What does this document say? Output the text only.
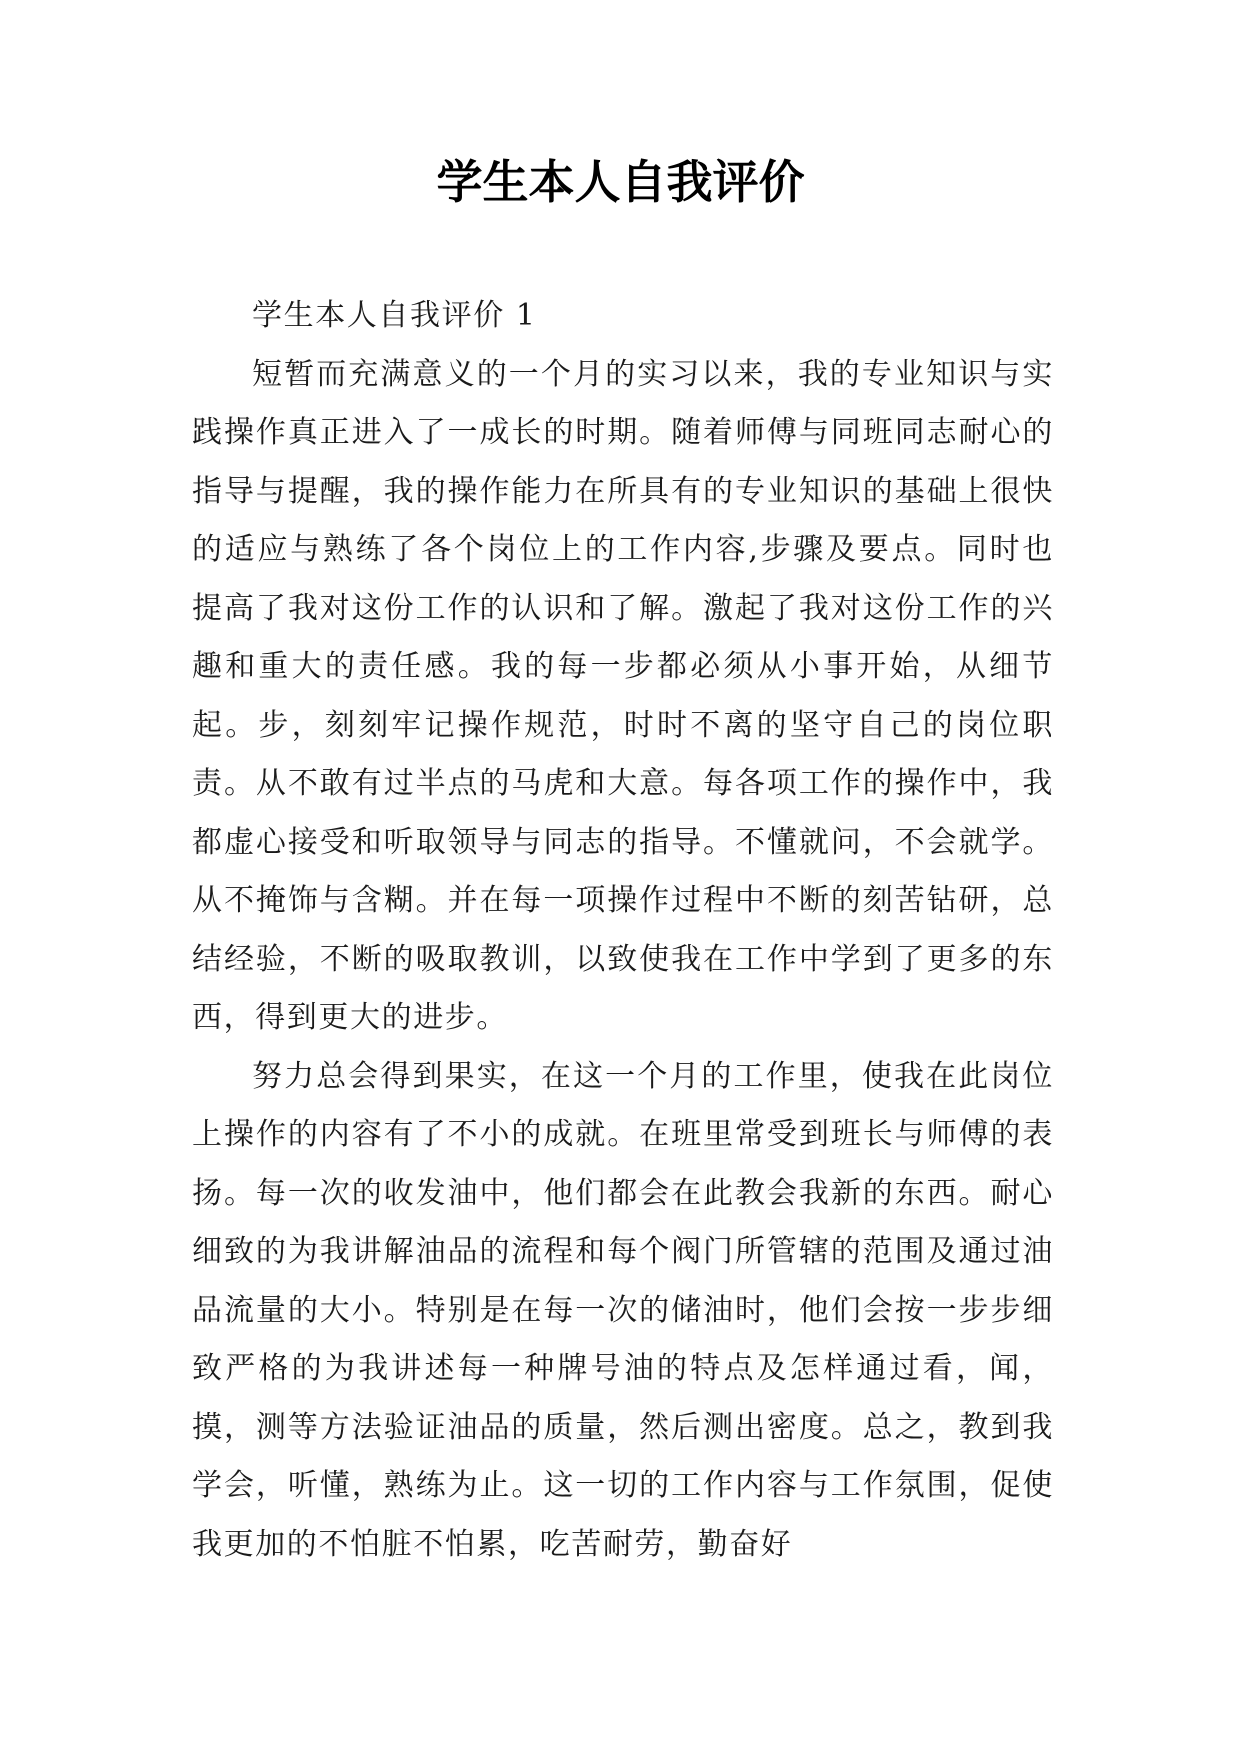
学生本人自我评价

学生本人自我评价 1

短暂而充满意义的一个月的实习以来，我的专业知识与实践操作真正进入了一成长的时期。随着师傅与同班同志耐心的指导与提醒，我的操作能力在所具有的专业知识的基础上很快的适应与熟练了各个岗位上的工作内容,步骤及要点。同时也提高了我对这份工作的认识和了解。激起了我对这份工作的兴趣和重大的责任感。我的每一步都必须从小事开始，从细节起。步，刻刻牢记操作规范，时时不离的坚守自己的岗位职责。从不敢有过半点的马虎和大意。每各项工作的操作中，我都虚心接受和听取领导与同志的指导。不懂就问，不会就学。从不掩饰与含糊。并在每一项操作过程中不断的刻苦钻研，总结经验，不断的吸取教训，以致使我在工作中学到了更多的东西，得到更大的进步。

努力总会得到果实，在这一个月的工作里，使我在此岗位上操作的内容有了不小的成就。在班里常受到班长与师傅的表扬。每一次的收发油中，他们都会在此教会我新的东西。耐心细致的为我讲解油品的流程和每个阀门所管辖的范围及通过油品流量的大小。特别是在每一次的储油时，他们会按一步步细致严格的为我讲述每一种牌号油的特点及怎样通过看，闻，摸，测等方法验证油品的质量，然后测出密度。总之，教到我学会，听懂，熟练为止。这一切的工作内容与工作氛围，促使我更加的不怕脏不怕累，吃苦耐劳，勤奋好
